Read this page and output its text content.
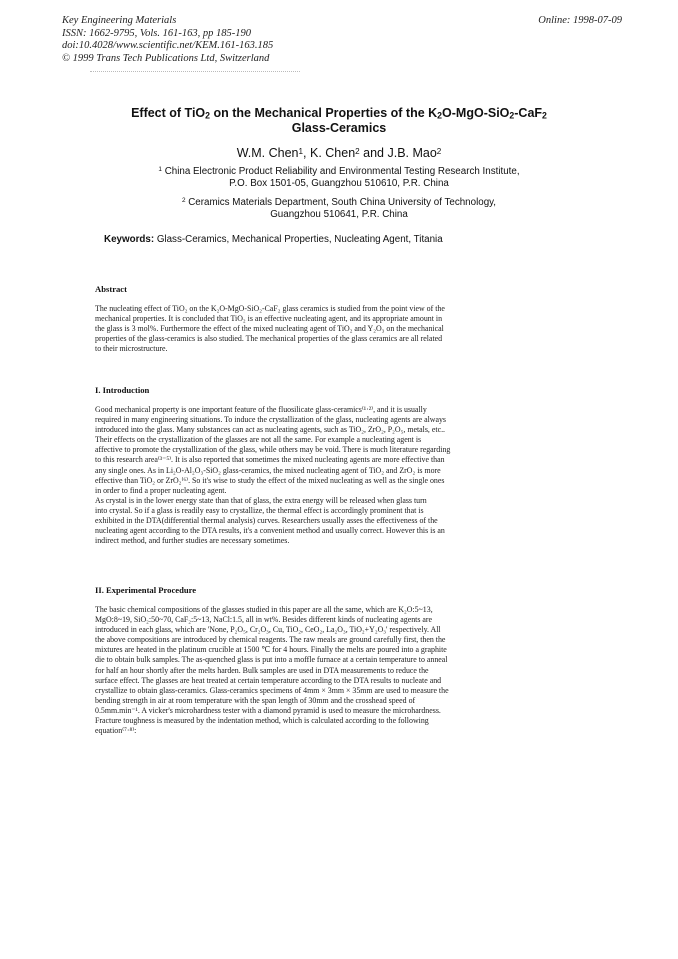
Key Engineering Materials
ISSN: 1662-9795, Vols. 161-163, pp 185-190
doi:10.4028/www.scientific.net/KEM.161-163.185
© 1999 Trans Tech Publications Ltd, Switzerland
Online: 1998-07-09
Effect of TiO$_2$ on the Mechanical Properties of the $K_2O-MgO-SiO_2-CaF_2$
Glass-Ceramics
W.M. Chen$^1$, K. Chen$^2$ and J.B. Mao$^2$
$^1$ China Electronic Product Reliability and Environmental Testing Research Institute,
P.O. Box 1501-05, Guangzhou 510610, P.R. China
$^2$ Ceramics Materials Department, South China University of Technology,
Guangzhou 510641, P.R. China
Keywords: Glass-Ceramics, Mechanical Properties, Nucleating Agent, Titania
Abstract
The nucleating effect of TiO₂ on the K₂O-MgO-SiO₂-CaF₂ glass ceramics is studied from the point view of the
mechanical properties. It is concluded that TiO₂ is an effective nucleating agent, and its appropriate amount in
the glass is 3 mol%. Furthermore the effect of the mixed nucleating agent of TiO₂ and Y₂O₃ on the mechanical
properties of the glass-ceramics is also studied. The mechanical properties of the glass ceramics are all related
to their microstructure.
I. Introduction
Good mechanical property is one important feature of the fluosilicate glass-ceramics⁽¹·²⁾, and it is usually
required in many engineering situations. To induce the crystallization of the glass, nucleating agents are always
introduced into the glass. Many substances can act as nucleating agents, such as TiO₂, ZrO₂, P₂O₅, metals, etc..
Their effects on the crystallization of the glasses are not all the same. For example a nucleating agent is
affective to promote the crystallization of the glass, while others may be void. There is much literature regarding
to this research area⁽³⁻⁵⁾. It is also reported that sometimes the mixed nucleating agents are more effective than
any single ones. As in Li₂O-Al₂O₃-SiO₂ glass-ceramics, the mixed nucleating agent of TiO₂ and ZrO₂ is more
effective than TiO₂ or ZrO₂⁽⁶⁾. So it's wise to study the effect of the mixed nucleating as well as the single ones
in order to find a proper nucleating agent.
As crystal is in the lower energy state than that of glass, the extra energy will be released when glass turn
into crystal. So if a glass is readily easy to crystallize, the thermal effect is accordingly prominent that is
exhibited in the DTA(differential thermal analysis) curves. Researchers usually asses the effectiveness of the
nucleating agent according to the DTA results, it's a convenient method and usually correct. However this is an
indirect method, and further studies are necessary sometimes.
II. Experimental Procedure
The basic chemical compositions of the glasses studied in this paper are all the same, which are K₂O:5~13,
MgO:8~19, SiO₂:50~70, CaF₂:5~13, NaCl:1.5, all in wt%. Besides different kinds of nucleating agents are
introduced in each glass, which are 'None, P₂O₅, Cr₂O₃, Cu, TiO₂, CeO₂, La₂O₃, TiO₂+Y₂O₃' respectively. All
the above compositions are introduced by chemical reagents. The raw meals are ground carefully first, then the
mixtures are heated in the platinum crucible at 1500 ℃ for 4 hours. Finally the melts are poured into a graphite
die to obtain bulk samples. The as-quenched glass is put into a moffle furnace at a certain temperature to anneal
for half an hour shortly after the melts harden. Bulk samples are used in DTA measurements to reduce the
surface effect. The glasses are heat treated at certain temperature according to the DTA results to nucleate and
crystallize to obtain glass-ceramics. Glass-ceramics specimens of 4mm × 3mm × 35mm are used to measure the
bending strength in air at room temperature with the span length of 30mm and the crosshead speed of
0.5mm.min⁻¹. A vicker's microhardness tester with a diamond pyramid is used to measure the microhardness.
Fracture toughness is measured by the indentation method, which is calculated according to the following
equation⁽⁷·⁸⁾:
